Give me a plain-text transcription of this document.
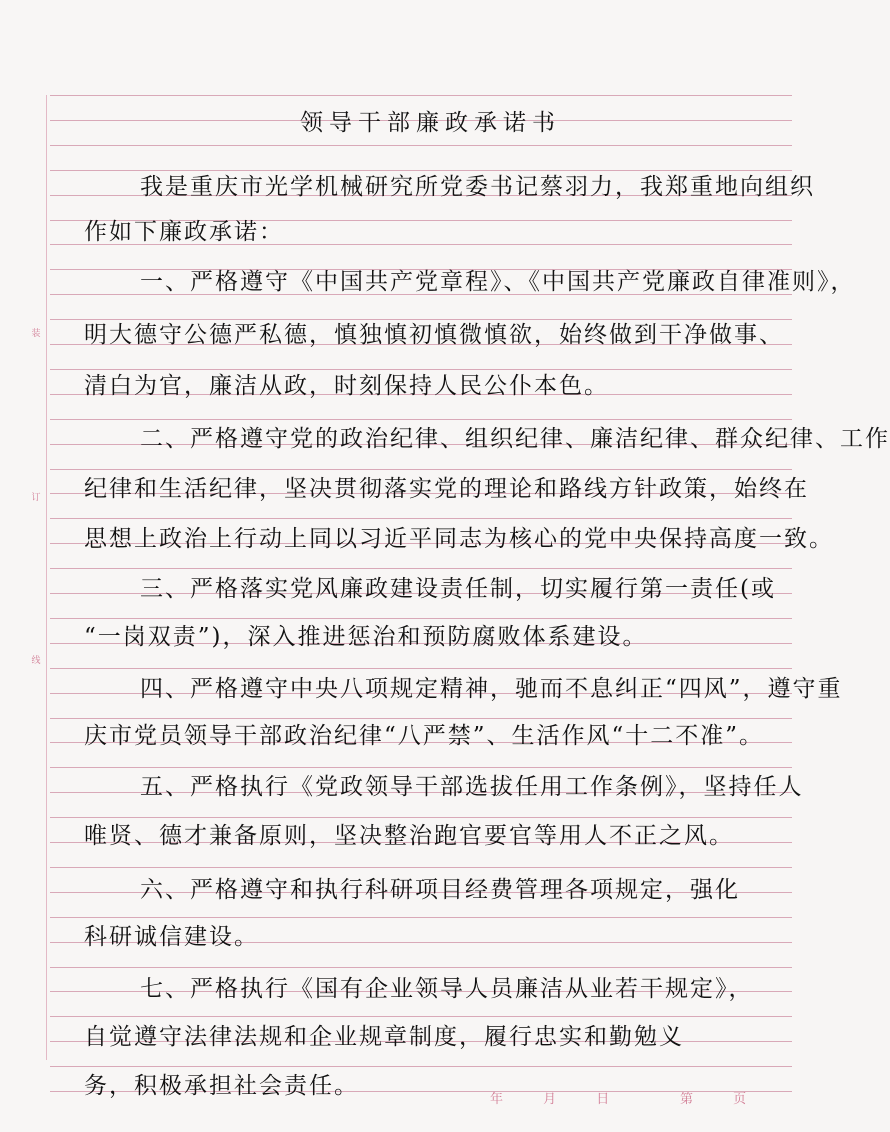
装
订
线
领导干部廉政承诺书
我是重庆市光学机械研究所党委书记蔡羽力，我郑重地向组织
作如下廉政承诺：
一、严格遵守《中国共产党章程》、《中国共产党廉政自律准则》，
明大德守公德严私德，慎独慎初慎微慎欲，始终做到干净做事、
清白为官，廉洁从政，时刻保持人民公仆本色。
二、严格遵守党的政治纪律、组织纪律、廉洁纪律、群众纪律、工作
纪律和生活纪律，坚决贯彻落实党的理论和路线方针政策，始终在
思想上政治上行动上同以习近平同志为核心的党中央保持高度一致。
三、严格落实党风廉政建设责任制，切实履行第一责任(或
“一岗双责”)，深入推进惩治和预防腐败体系建设。
四、严格遵守中央八项规定精神，驰而不息纠正“四风”，遵守重
庆市党员领导干部政治纪律“八严禁”、生活作风“十二不准”。
五、严格执行《党政领导干部选拔任用工作条例》，坚持任人
唯贤、德才兼备原则，坚决整治跑官要官等用人不正之风。
六、严格遵守和执行科研项目经费管理各项规定，强化
科研诚信建设。
七、严格执行《国有企业领导人员廉洁从业若干规定》，
自觉遵守法律法规和企业规章制度，履行忠实和勤勉义
务，积极承担社会责任。
年 月 日	第 页
